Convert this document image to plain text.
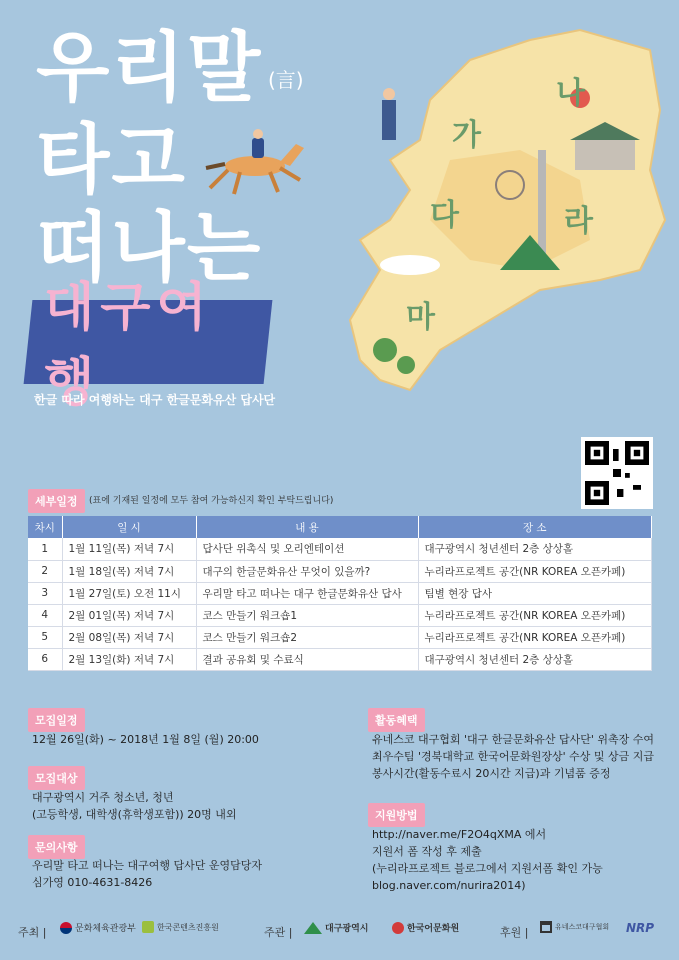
우리말 (言)
타고
떠나는
대구여행
한글 따라 여행하는 대구 한글문화유산 답사단
가
나
다	라
마
세부일정	(표에 기재된 일정에 모두 참여 가능하신지 확인 부탁드립니다)
차시	일 시	내 용	장 소
1	1월 11일(목) 저녁 7시	답사단 위촉식 및 오리엔테이션	대구광역시 청년센터 2층 상상홀
2	1월 18일(목) 저녁 7시	대구의 한글문화유산 무엇이 있을까?	누리라프로젝트 공간(NR KOREA 오픈카페)
3	1월 27일(토) 오전 11시	우리말 타고 떠나는 대구 한글문화유산 답사	팀별 현장 답사
4	2월 01일(목) 저녁 7시	코스 만들기 워크숍1	누리라프로젝트 공간(NR KOREA 오픈카페)
5	2월 08일(목) 저녁 7시	코스 만들기 워크숍2	누리라프로젝트 공간(NR KOREA 오픈카페)
6	2월 13일(화) 저녁 7시	결과 공유회 및 수료식	대구광역시 청년센터 2층 상상홀
모집일정
12월 26일(화) ~ 2018년 1월 8일 (월) 20:00
모집대상
대구광역시 거주 청소년, 청년
(고등학생, 대학생(휴학생포함)) 20명 내외
문의사항
우리말 타고 떠나는 대구여행 답사단 운영담당자
심가영 010-4631-8426
활동혜택
유네스코 대구협회 '대구 한글문화유산 답사단' 위촉장 수여
최우수팀 '경북대학교 한국어문화원장상' 수상 및 상금 지급
봉사시간(활동수료시 20시간 지급)과 기념품 증정
지원방법
http://naver.me/F2O4qXMA 에서
지원서 폼 작성 후 제출
(누리라프로젝트 블로그에서 지원서폼 확인 가능
blog.naver.com/nurira2014)
주최 |	문화체육관광부	한국콘텐츠진흥원	주관 |	대구광역시	한국어문화원	후원 |	유네스코대구협회 NRP
